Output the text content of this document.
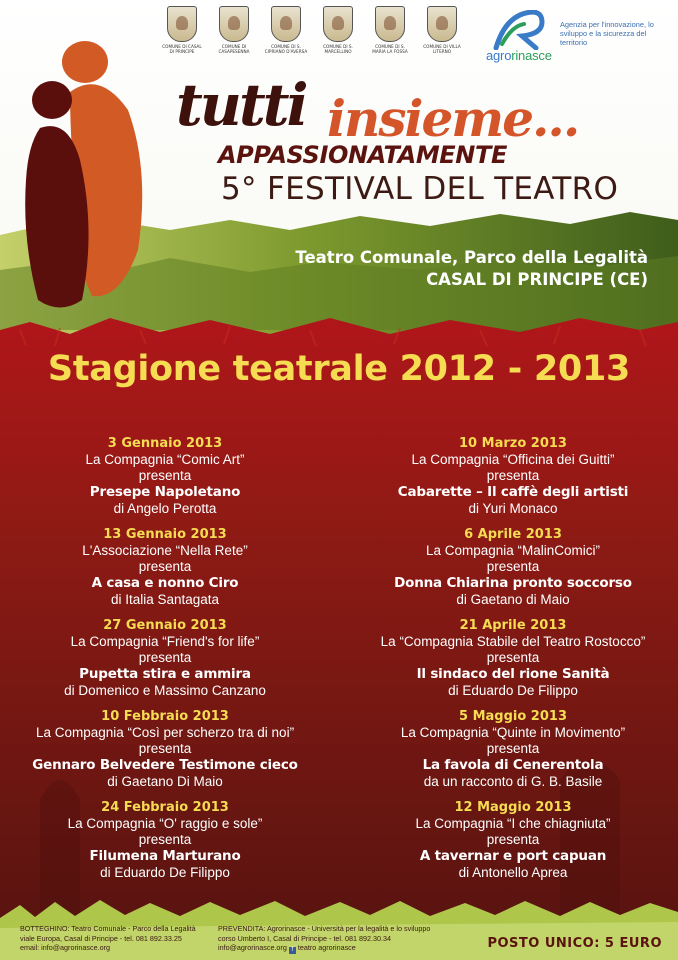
COMUNE DI CASAL DI PRINCIPE
COMUNE DI CASAPESENNA
COMUNE DI S. CIPRIANO D'AVERSA
COMUNE DI S. MARCELLINO
COMUNE DI S. MARIA LA FOSSA
COMUNE DI VILLA LITERNO	agrorinasce
Agenzia per l'innovazione, lo sviluppo e la sicurezza del territorio
tutti insieme...
APPASSIONATAMENTE
5° FESTIVAL DEL TEATRO
Teatro Comunale, Parco della Legalità
CASAL DI PRINCIPE (CE)
Stagione teatrale 2012 - 2013
3 Gennaio 2013
La Compagnia “Comic Art”
presenta
Presepe Napoletano
di Angelo Perotta
13 Gennaio 2013
L'Associazione “Nella Rete”
presenta
A casa e nonno Ciro
di Italia Santagata
27 Gennaio 2013
La Compagnia “Friend's for life”
presenta
Pupetta stira e ammira
di Domenico e Massimo Canzano
10 Febbraio 2013
La Compagnia “Così per scherzo tra di noi”
presenta
Gennaro Belvedere Testimone cieco
di Gaetano Di Maio
24 Febbraio 2013
La Compagnia “O' raggio e sole”
presenta
Filumena Marturano
di Eduardo De Filippo
10 Marzo 2013
La Compagnia “Officina dei Guitti”
presenta
Cabarette – Il caffè degli artisti
di Yuri Monaco
6 Aprile 2013
La Compagnia “MalinComici”
presenta
Donna Chiarina pronto soccorso
di Gaetano di Maio
21 Aprile 2013
La “Compagnia Stabile del Teatro Rostocco”
presenta
Il sindaco del rione Sanità
di Eduardo De Filippo
5 Maggio 2013
La Compagnia “Quinte in Movimento”
presenta
La favola di Cenerentola
da un racconto di G. B. Basile
12 Maggio 2013
La Compagnia “I che chiagniuta”
presenta
A tavernar e port capuan
di Antonello Aprea
BOTTEGHINO: Teatro Comunale - Parco della Legalità
viale Europa, Casal di Principe - tel. 081 892.33.25
email: info@agrorinasce.org
PREVENDITA: Agrorinasce - Università per la legalità e lo sviluppo
corso Umberto I, Casal di Principe - tel. 081 892.30.34
info@agrorinasce.org f teatro agrorinasce	POSTO UNICO: 5 EURO
